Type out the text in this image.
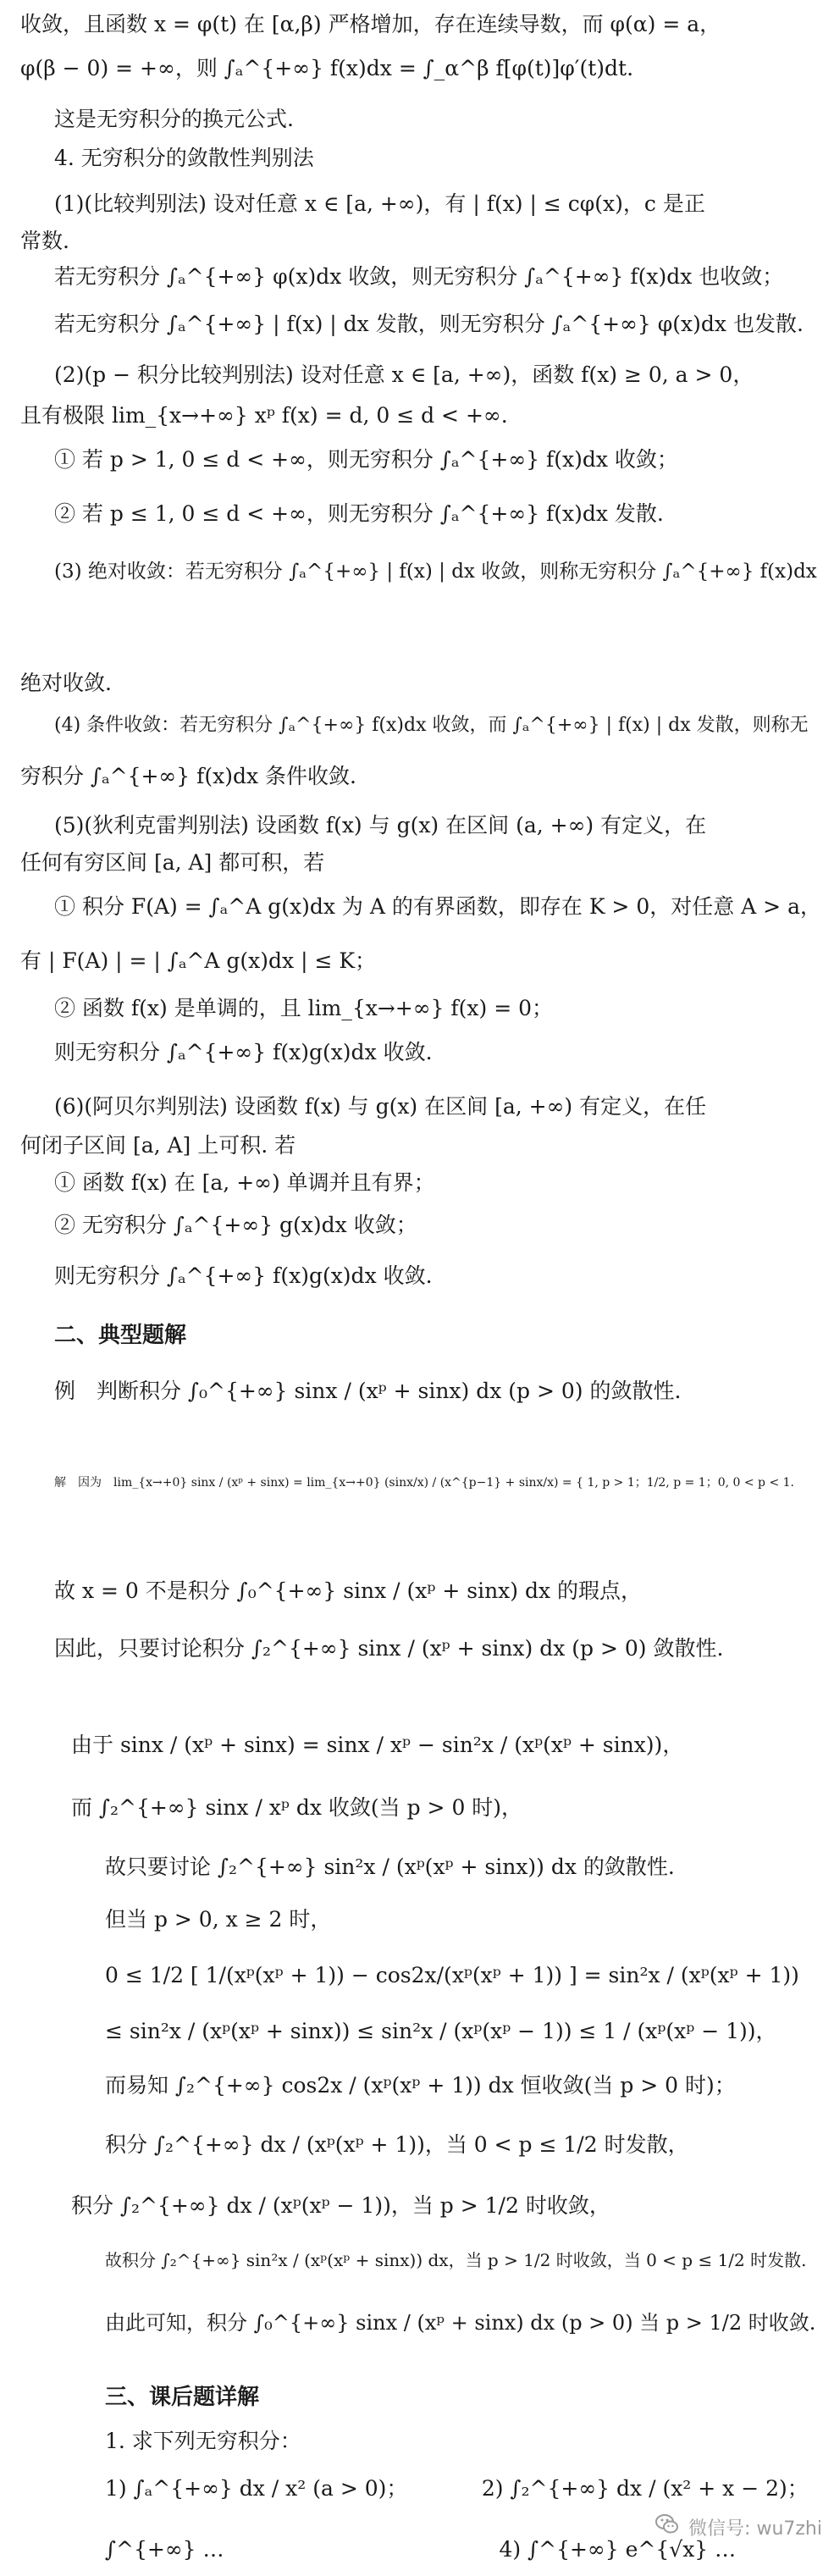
收敛，且函数 x = φ(t) 在 [α,β) 严格增加，存在连续导数，而 φ(α) = a，
φ(β − 0) = +∞，则 ∫ₐ^{+∞} f(x)dx = ∫_α^β f[φ(t)]φ′(t)dt.
这是无穷积分的换元公式.
4. 无穷积分的敛散性判别法
(1)(比较判别法) 设对任意 x ∈ [a, +∞)，有 | f(x) | ≤ cφ(x)，c 是正
常数.
若无穷积分 ∫ₐ^{+∞} φ(x)dx 收敛，则无穷积分 ∫ₐ^{+∞} f(x)dx 也收敛；
若无穷积分 ∫ₐ^{+∞} | f(x) | dx 发散，则无穷积分 ∫ₐ^{+∞} φ(x)dx 也发散.
(2)(p − 积分比较判别法) 设对任意 x ∈ [a, +∞)，函数 f(x) ≥ 0, a > 0，
且有极限 lim_{x→+∞} xᵖ f(x) = d, 0 ≤ d < +∞.
① 若 p > 1, 0 ≤ d < +∞，则无穷积分 ∫ₐ^{+∞} f(x)dx 收敛；
② 若 p ≤ 1, 0 ≤ d < +∞，则无穷积分 ∫ₐ^{+∞} f(x)dx 发散.
(3) 绝对收敛：若无穷积分 ∫ₐ^{+∞} | f(x) | dx 收敛，则称无穷积分 ∫ₐ^{+∞} f(x)dx
绝对收敛.
(4) 条件收敛：若无穷积分 ∫ₐ^{+∞} f(x)dx 收敛，而 ∫ₐ^{+∞} | f(x) | dx 发散，则称无
穷积分 ∫ₐ^{+∞} f(x)dx 条件收敛.
(5)(狄利克雷判别法) 设函数 f(x) 与 g(x) 在区间 (a, +∞) 有定义，在
任何有穷区间 [a, A] 都可积，若
① 积分 F(A) = ∫ₐ^A g(x)dx 为 A 的有界函数，即存在 K > 0，对任意 A > a，
有 | F(A) | = | ∫ₐ^A g(x)dx | ≤ K；
② 函数 f(x) 是单调的，且 lim_{x→+∞} f(x) = 0；
则无穷积分 ∫ₐ^{+∞} f(x)g(x)dx 收敛.
(6)(阿贝尔判别法) 设函数 f(x) 与 g(x) 在区间 [a, +∞) 有定义，在任
何闭子区间 [a, A] 上可积. 若
① 函数 f(x) 在 [a, +∞) 单调并且有界；
② 无穷积分 ∫ₐ^{+∞} g(x)dx 收敛；
则无穷积分 ∫ₐ^{+∞} f(x)g(x)dx 收敛.
二、典型题解
例　判断积分 ∫₀^{+∞} sinx / (xᵖ + sinx) dx (p > 0) 的敛散性.
解　因为　lim_{x→+0} sinx / (xᵖ + sinx) = lim_{x→+0} (sinx/x) / (x^{p−1} + sinx/x) = { 1, p > 1；1/2, p = 1；0, 0 < p < 1.
故 x = 0 不是积分 ∫₀^{+∞} sinx / (xᵖ + sinx) dx 的瑕点，
因此，只要讨论积分 ∫₂^{+∞} sinx / (xᵖ + sinx) dx (p > 0) 敛散性.
由于 sinx / (xᵖ + sinx) = sinx / xᵖ − sin²x / (xᵖ(xᵖ + sinx))，
而 ∫₂^{+∞} sinx / xᵖ dx 收敛(当 p > 0 时)，
故只要讨论 ∫₂^{+∞} sin²x / (xᵖ(xᵖ + sinx)) dx 的敛散性.
但当 p > 0, x ≥ 2 时，
0 ≤ 1/2 [ 1/(xᵖ(xᵖ + 1)) − cos2x/(xᵖ(xᵖ + 1)) ] = sin²x / (xᵖ(xᵖ + 1))
≤ sin²x / (xᵖ(xᵖ + sinx)) ≤ sin²x / (xᵖ(xᵖ − 1)) ≤ 1 / (xᵖ(xᵖ − 1))，
而易知 ∫₂^{+∞} cos2x / (xᵖ(xᵖ + 1)) dx 恒收敛(当 p > 0 时)；
积分 ∫₂^{+∞} dx / (xᵖ(xᵖ + 1))，当 0 < p ≤ 1/2 时发散，
积分 ∫₂^{+∞} dx / (xᵖ(xᵖ − 1))，当 p > 1/2 时收敛，
故积分 ∫₂^{+∞} sin²x / (xᵖ(xᵖ + sinx)) dx，当 p > 1/2 时收敛，当 0 < p ≤ 1/2 时发散.
由此可知，积分 ∫₀^{+∞} sinx / (xᵖ + sinx) dx (p > 0) 当 p > 1/2 时收敛.
三、课后题详解
1. 求下列无穷积分：
1) ∫ₐ^{+∞} dx / x² (a > 0)；　　　　2) ∫₂^{+∞} dx / (x² + x − 2)；
∫^{+∞} …　　　　　　　　　　　　　4) ∫^{+∞} e^{√x} …
微信号: wu7zhi
